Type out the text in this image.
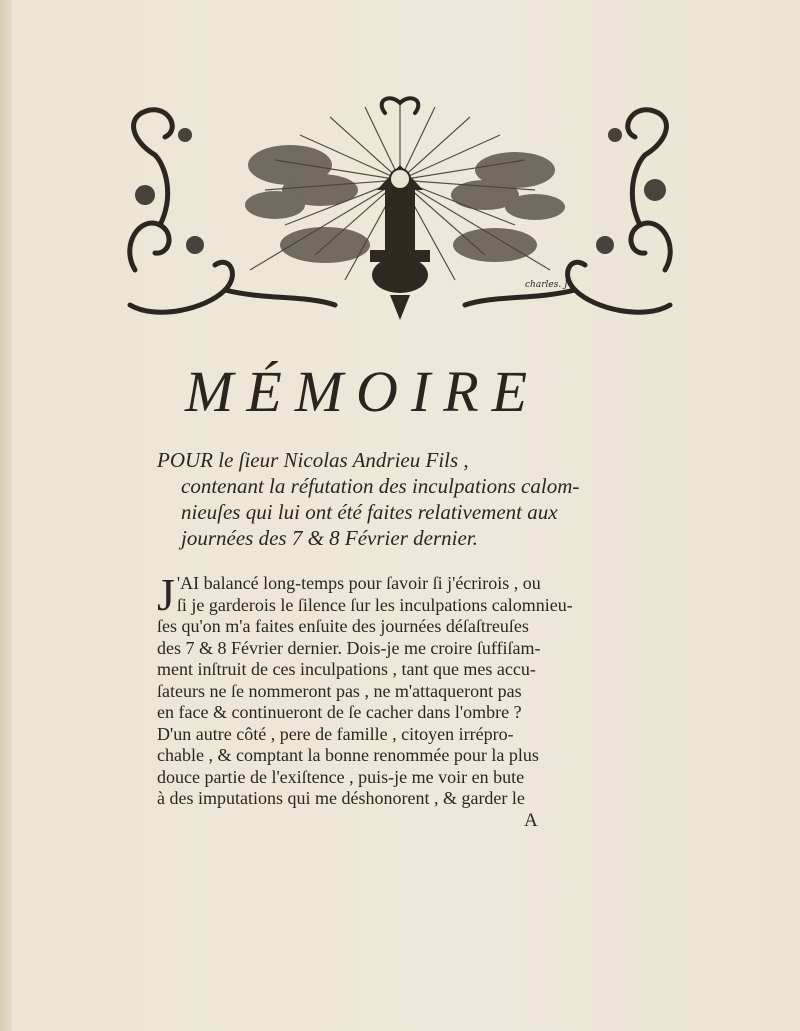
charles. J
MÉMOIRE
POUR le ſieur Nicolas Andrieu Fils ,
contenant la réfutation des inculpations calom-
nieuſes qui lui ont été faites relativement aux
journées des 7 & 8 Février dernier.
J 'AI balancé long-temps pour ſavoir ſi j'écrirois , ou
ſi je garderois le ſilence ſur les inculpations calomnieu-
ſes qu'on m'a faites enſuite des journées déſaſtreuſes
des 7 & 8 Février dernier. Dois-je me croire ſuffiſam-
ment inſtruit de ces inculpations , tant que mes accu-
ſateurs ne ſe nommeront pas , ne m'attaqueront pas
en face & continueront de ſe cacher dans l'ombre ?
D'un autre côté , pere de famille , citoyen irrépro-
chable , & comptant la bonne renommée pour la plus
douce partie de l'exiſtence , puis-je me voir en bute
à des imputations qui me déshonorent , & garder le
A
